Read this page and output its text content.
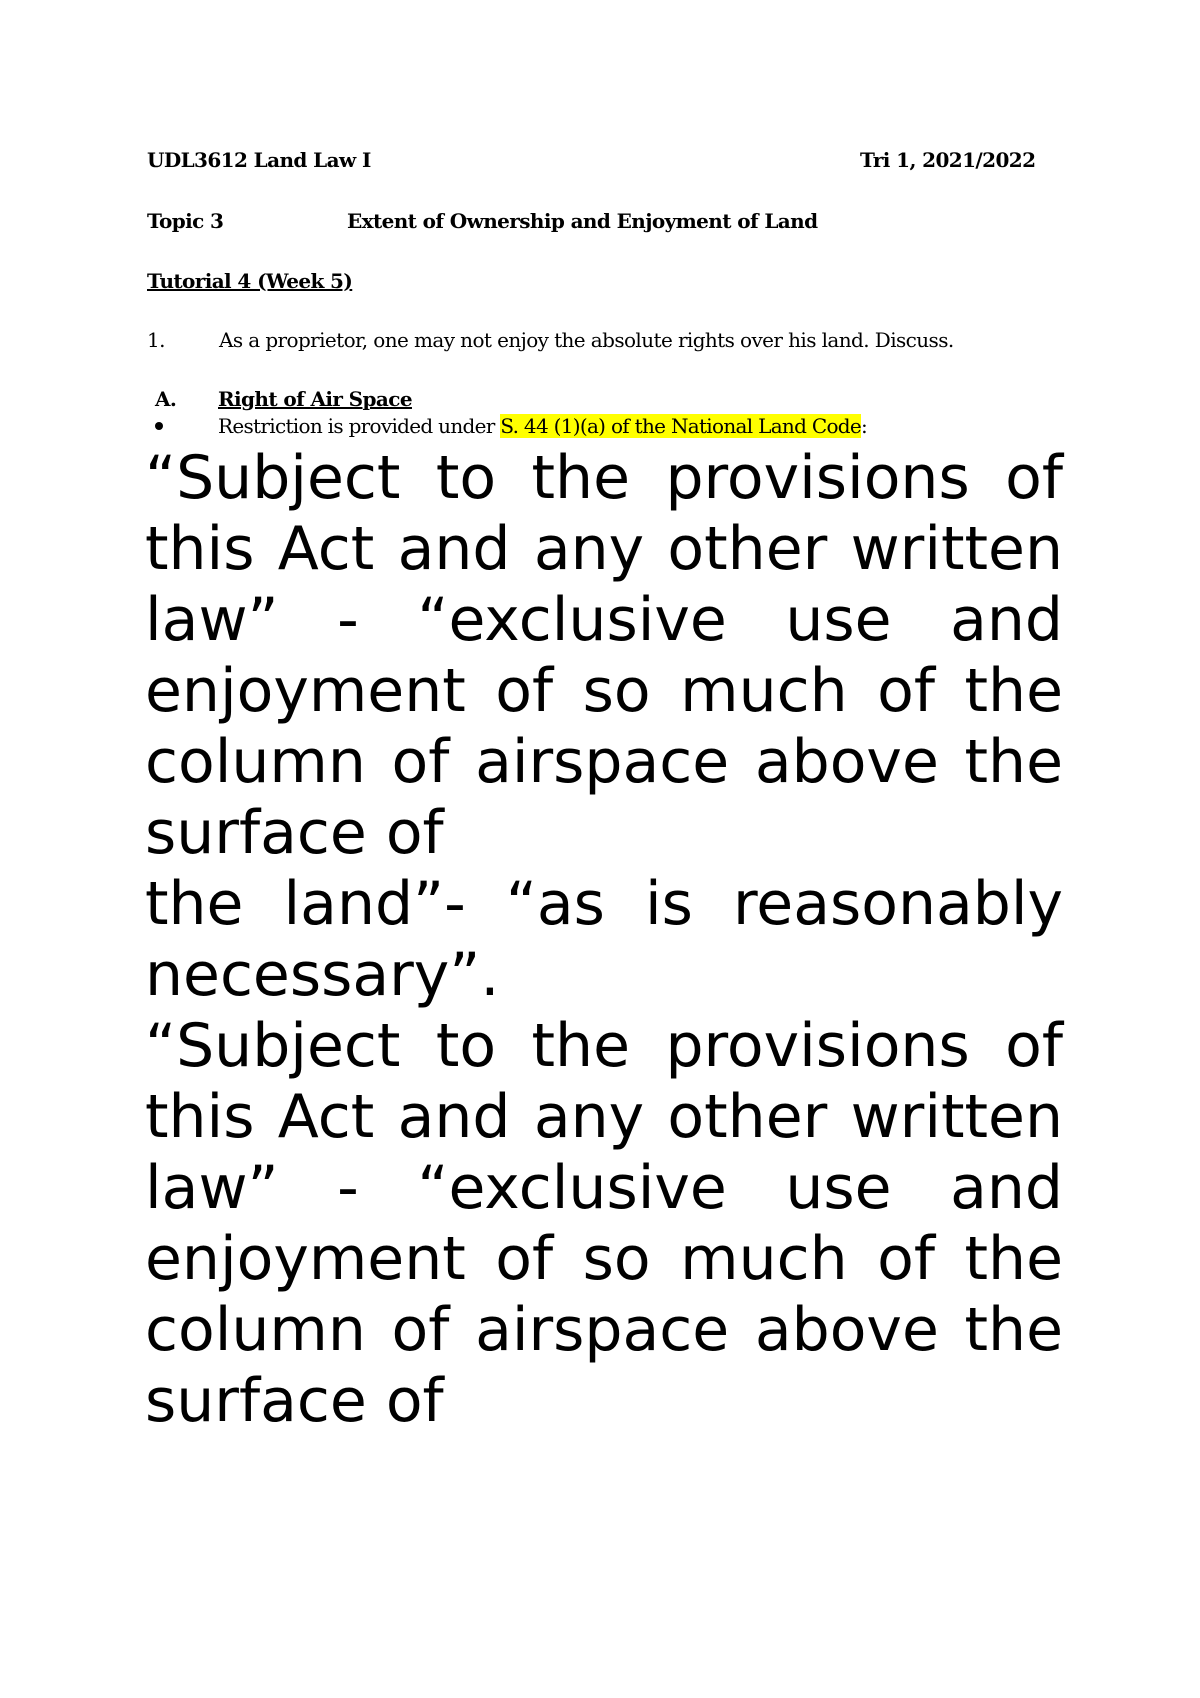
UDL3612 Land Law I	Tri 1, 2021/2022
Topic 3	Extent of Ownership and Enjoyment of Land
Tutorial 4 (Week 5)
1.	As a proprietor, one may not enjoy the absolute rights over his land. Discuss.
A. Right of Air Space
Restriction is provided under S. 44 (1)(a) of the National Land Code:

“Subject to the provisions of this Act and any other written law” - “exclusive use and enjoyment of so much of the column of airspace above the surface of

the land”- “as is reasonably necessary”.

“Subject to the provisions of this Act and any other written law” - “exclusive use and enjoyment of so much of the column of airspace above the surface of
